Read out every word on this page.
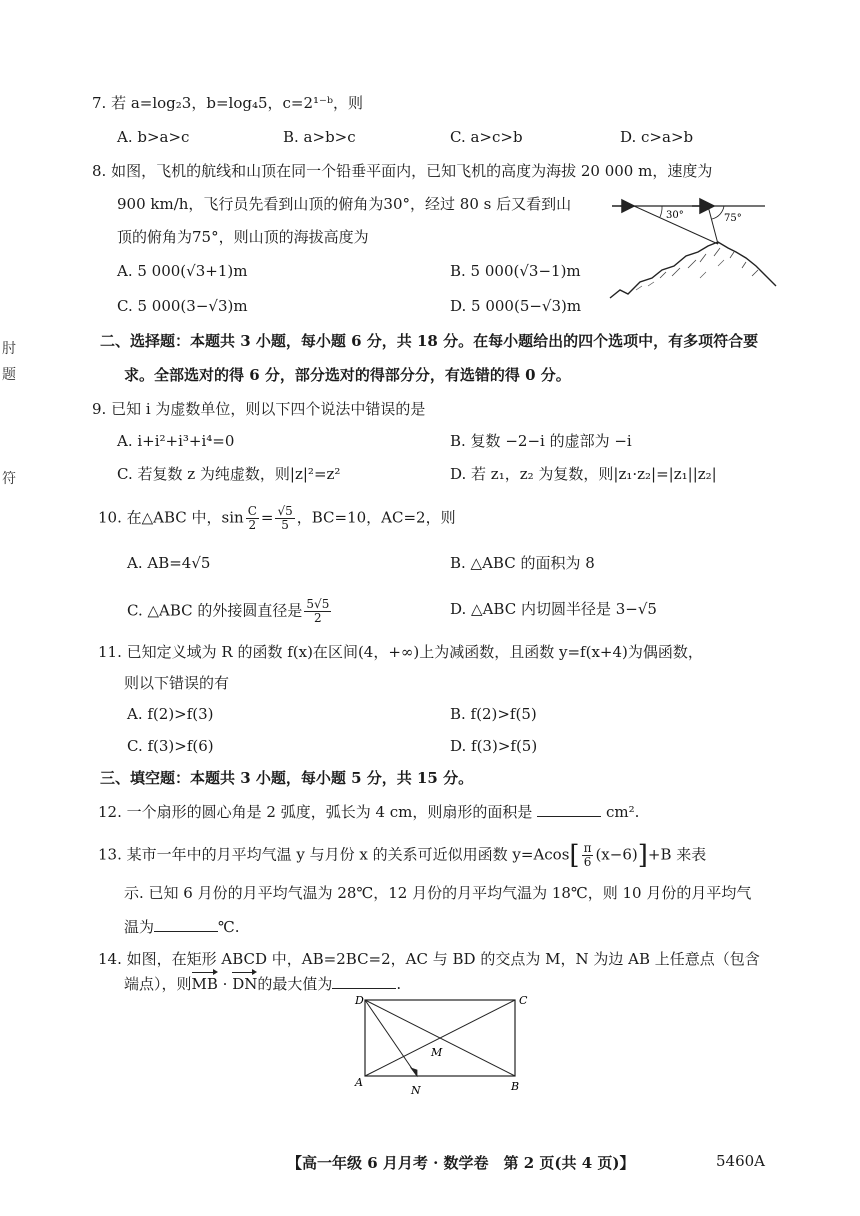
肘
题
符
7. 若 a=log₂3，b=log₄5，c=2¹⁻ᵇ，则
A. b>a>c	B. a>b>c	C. a>c>b	D. c>a>b
8. 如图，飞机的航线和山顶在同一个铅垂平面内，已知飞机的高度为海拔 20 000 m，速度为
900 km/h，飞行员先看到山顶的俯角为30°，经过 80 s 后又看到山
顶的俯角为75°，则山顶的海拔高度为
A. 5 000(√3+1)m	B. 5 000(√3−1)m
C. 5 000(3−√3)m	D. 5 000(5−√3)m
30°	75°
二、选择题：本题共 3 小题，每小题 6 分，共 18 分。在每小题给出的四个选项中，有多项符合要
求。全部选对的得 6 分，部分选对的得部分分，有选错的得 0 分。
9. 已知 i 为虚数单位，则以下四个说法中错误的是
A. i+i²+i³+i⁴=0	B. 复数 −2−i 的虚部为 −i
C. 若复数 z 为纯虚数，则|z|²=z²	D. 若 z₁，z₂ 为复数，则|z₁·z₂|=|z₁||z₂|
10. 在△ABC 中，$\sin \frac{C}{2} = \frac{√5}{5}$ ，BC=10，AC=2，则
A. AB=4√5	B. △ABC 的面积为 8
C. △ABC 的外接圆直径是 $\frac{5√5}{2}$	D. △ABC 内切圆半径是 3−√5
11. 已知定义域为 R 的函数 f(x)在区间(4，+∞)上为减函数，且函数 y=f(x+4)为偶函数，
则以下错误的有
A. f(2)>f(3)	B. f(2)>f(5)
C. f(3)>f(6)	D. f(3)>f(5)
三、填空题：本题共 3 小题，每小题 5 分，共 15 分。
12. 一个扇形的圆心角是 2 弧度，弧长为 4 cm，则扇形的面积是	cm².
13. 某市一年中的月平均气温 y 与月份 x 的关系可近似用函数 $y=Acos[ \frac{\pi}{6} (x-6)]+B$ 来表
示. 已知 6 月份的月平均气温为 28℃，12 月份的月平均气温为 18℃，则 10 月份的月平均气
温为	℃.
14. 如图，在矩形 ABCD 中，AB=2BC=2，AC 与 BD 的交点为 M，N 为边 AB 上任意点（包含
端点），则MB · DN的最大值为	.
D	C
A	B
M
N
【高一年级 6 月月考 · 数学卷　第 2 页(共 4 页)】	5460A
